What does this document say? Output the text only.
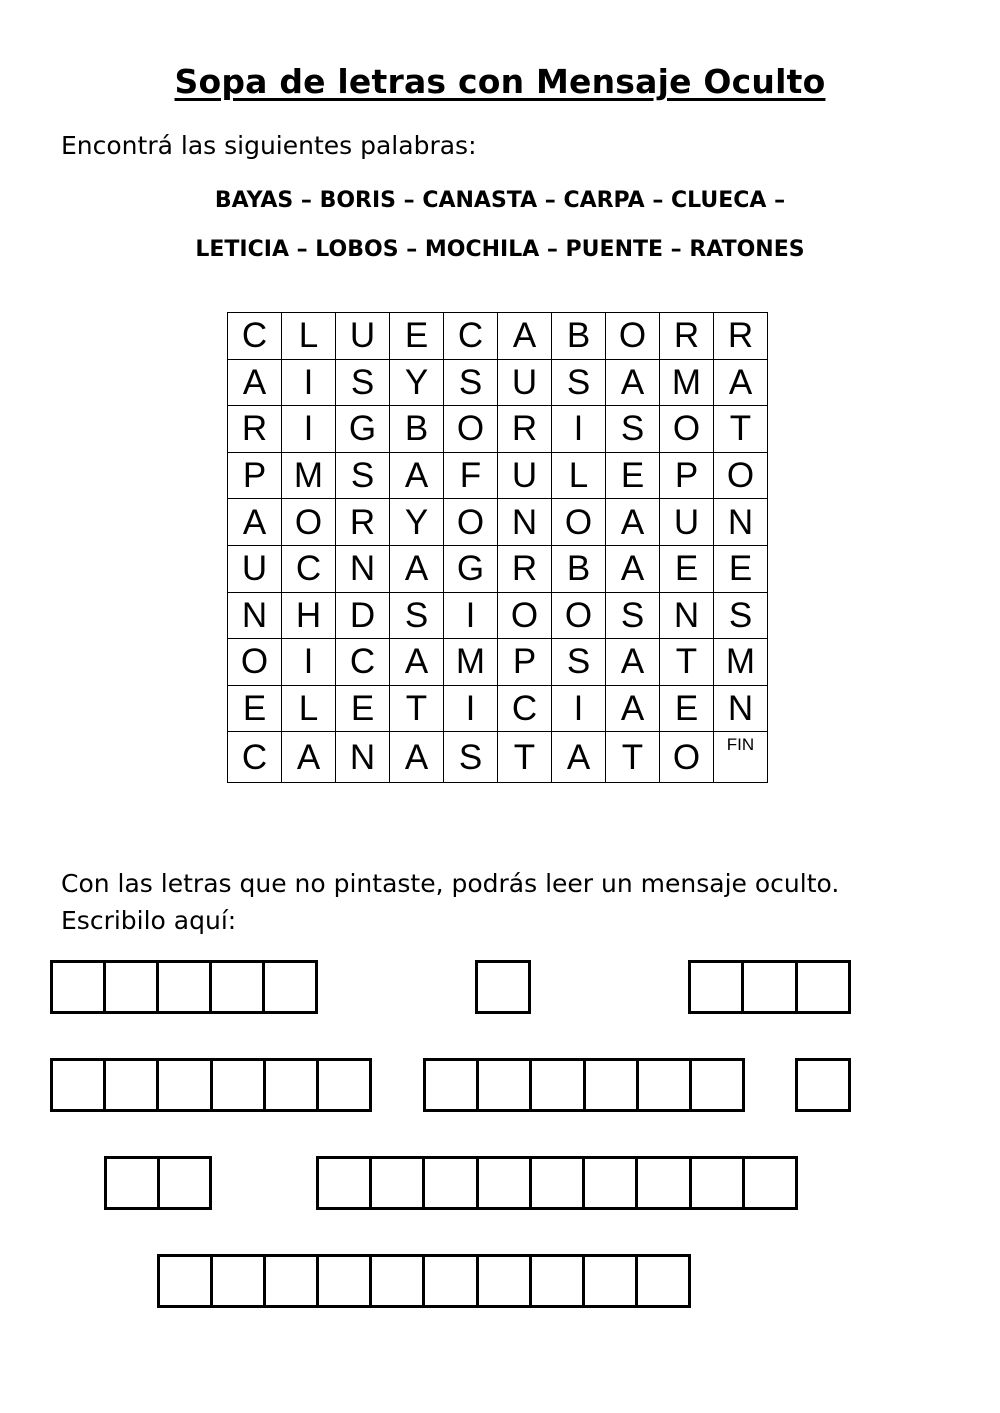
Sopa de letras con Mensaje Oculto
Encontrá las siguientes palabras:
BAYAS – BORIS – CANASTA – CARPA – CLUECA –
LETICIA – LOBOS – MOCHILA – PUENTE – RATONES
C	L	U	E	C	A	B	O	R	R
A	I	S	Y	S	U	S	A	M	A
R	I	G	B	O	R	I	S	O	T
P	M	S	A	F	U	L	E	P	O
A	O	R	Y	O	N	O	A	U	N
U	C	N	A	G	R	B	A	E	E
N	H	D	S	I	O	O	S	N	S
O	I	C	A	M	P	S	A	T	M
E	L	E	T	I	C	I	A	E	N
C	A	N	A	S	T	A	T	O	FIN
Con las letras que no pintaste, podrás leer un mensaje oculto.
Escribilo aquí:
